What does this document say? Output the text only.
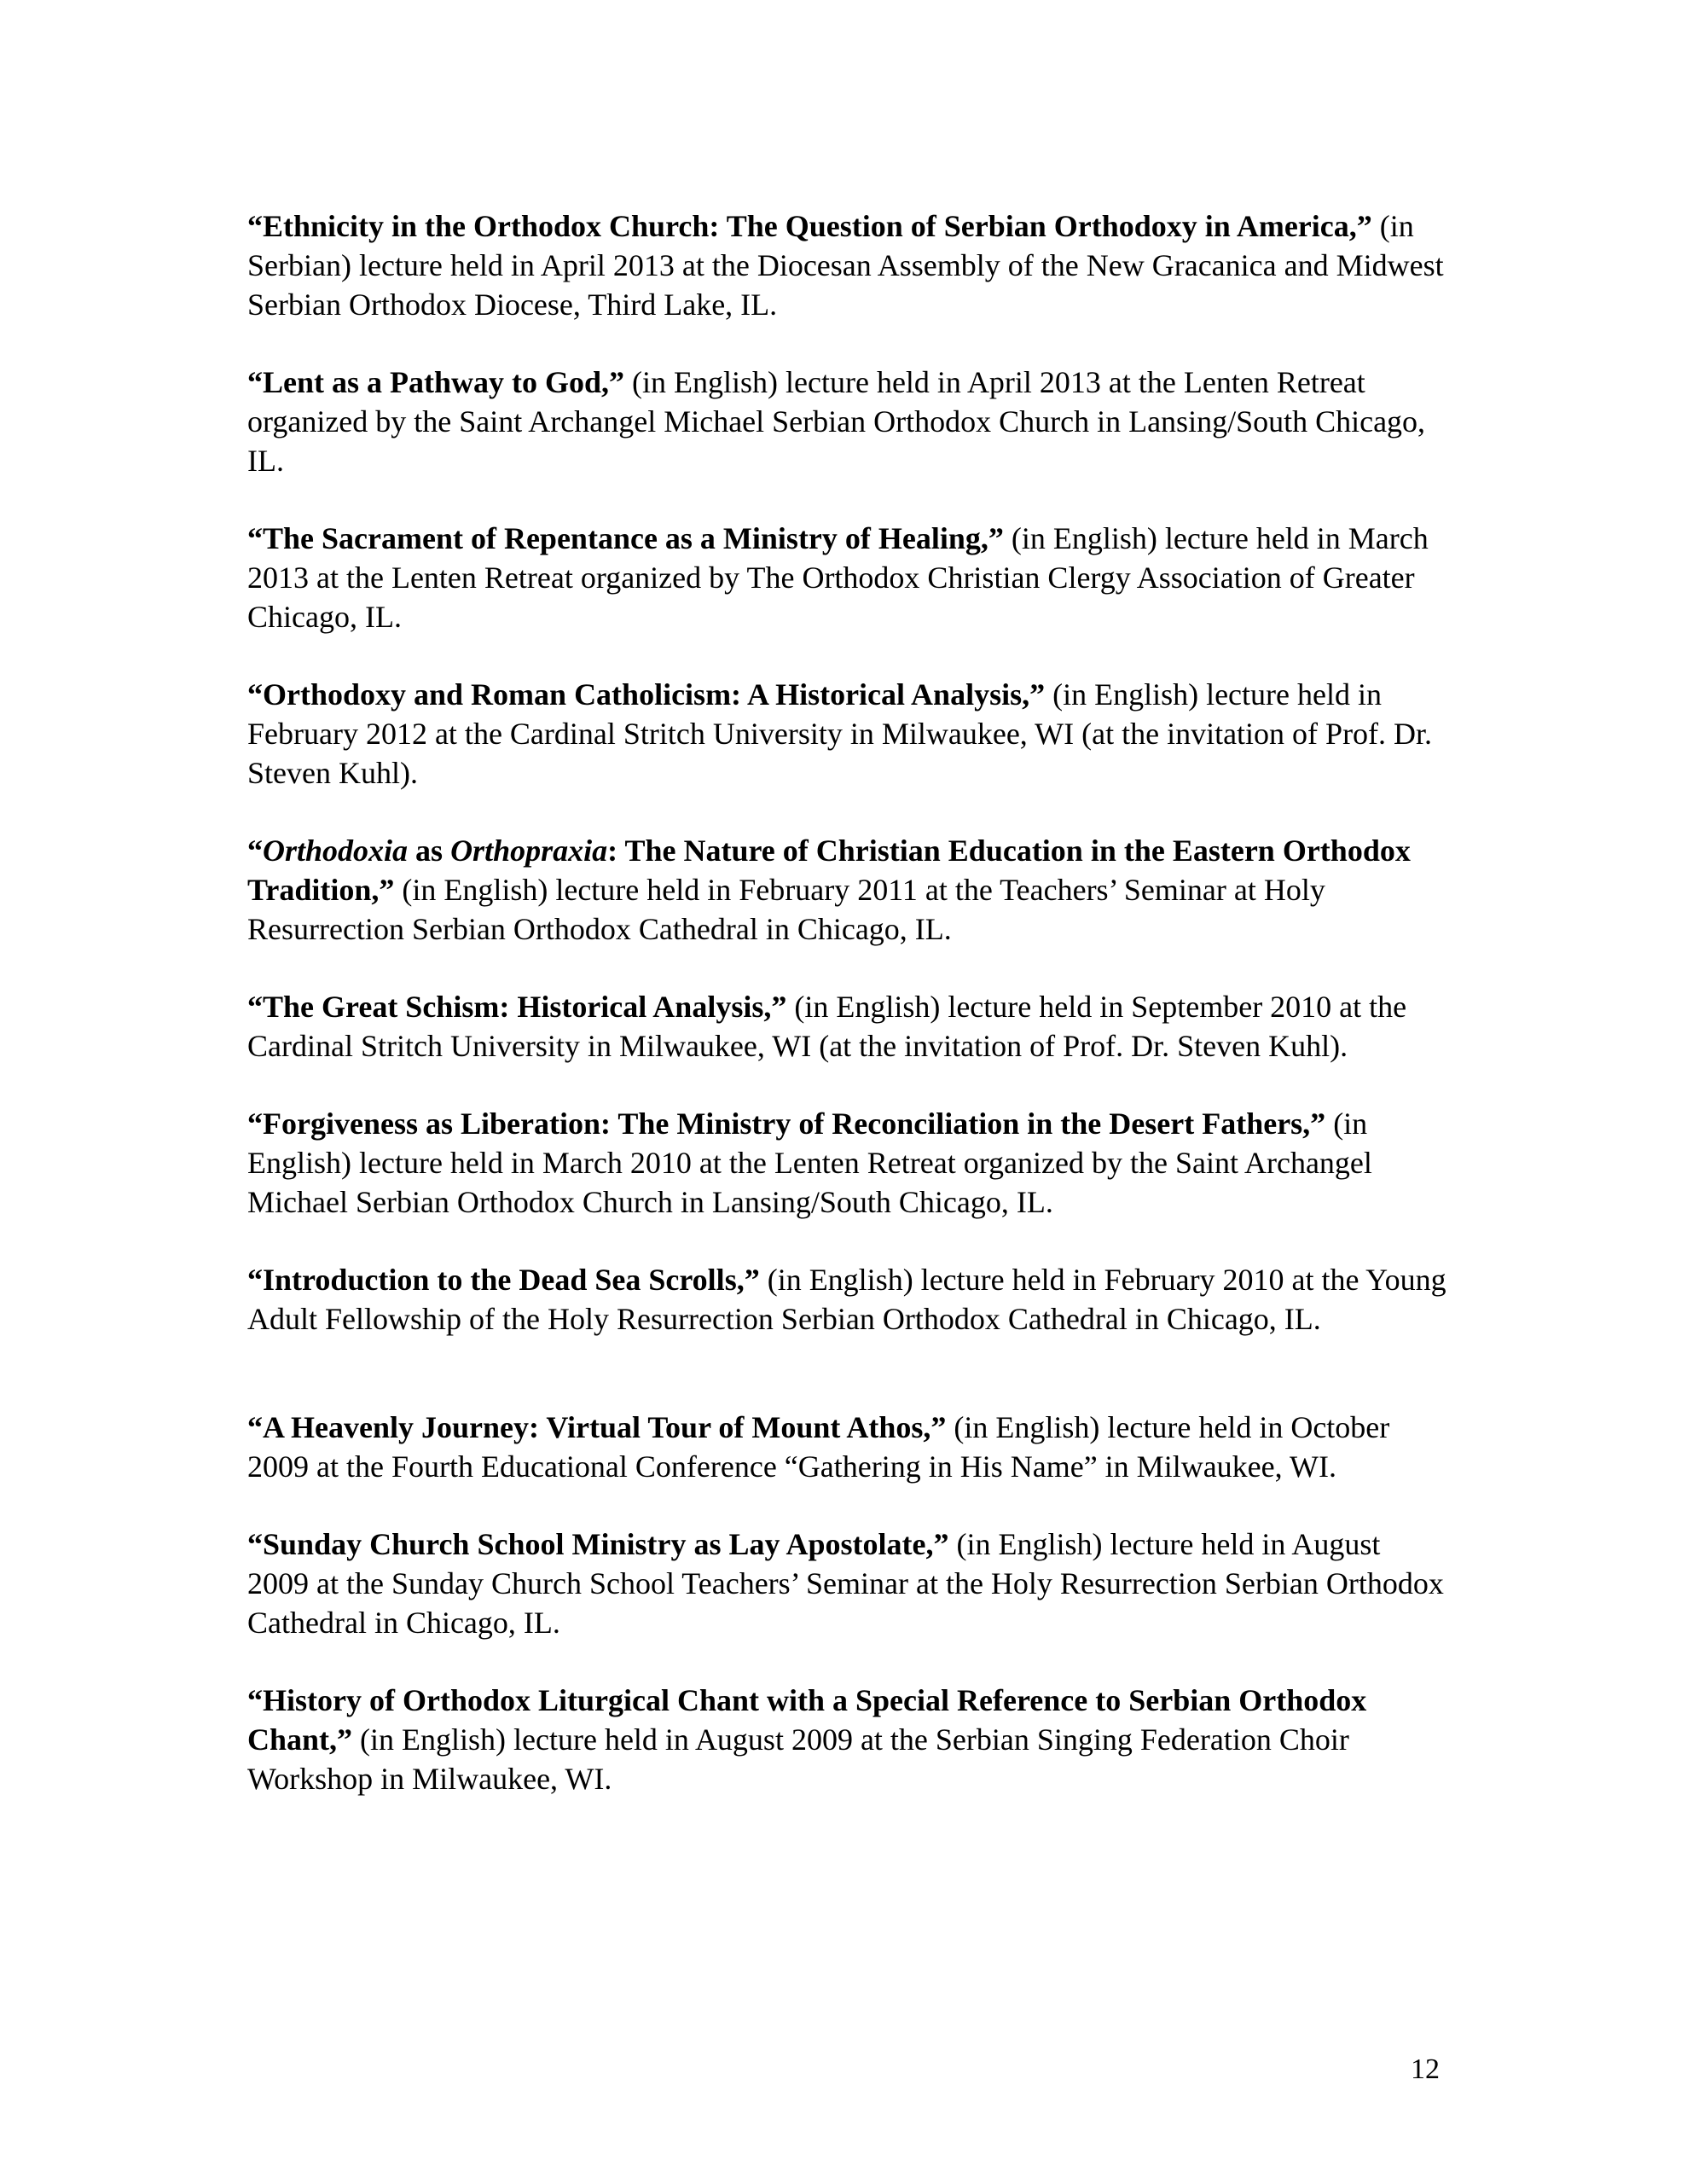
“Ethnicity in the Orthodox Church: The Question of Serbian Orthodoxy in America,” (in Serbian) lecture held in April 2013 at the Diocesan Assembly of the New Gracanica and Midwest Serbian Orthodox Diocese, Third Lake, IL.

“Lent as a Pathway to God,” (in English) lecture held in April 2013 at the Lenten Retreat organized by the Saint Archangel Michael Serbian Orthodox Church in Lansing/South Chicago, IL.

“The Sacrament of Repentance as a Ministry of Healing,” (in English) lecture held in March 2013 at the Lenten Retreat organized by The Orthodox Christian Clergy Association of Greater Chicago, IL.

“Orthodoxy and Roman Catholicism: A Historical Analysis,” (in English) lecture held in February 2012 at the Cardinal Stritch University in Milwaukee, WI (at the invitation of Prof. Dr. Steven Kuhl).

“Orthodoxia as Orthopraxia: The Nature of Christian Education in the Eastern Orthodox Tradition,” (in English) lecture held in February 2011 at the Teachers’ Seminar at Holy Resurrection Serbian Orthodox Cathedral in Chicago, IL.

“The Great Schism: Historical Analysis,” (in English) lecture held in September 2010 at the Cardinal Stritch University in Milwaukee, WI (at the invitation of Prof. Dr. Steven Kuhl).

“Forgiveness as Liberation: The Ministry of Reconciliation in the Desert Fathers,” (in English) lecture held in March 2010 at the Lenten Retreat organized by the Saint Archangel Michael Serbian Orthodox Church in Lansing/South Chicago, IL.

“Introduction to the Dead Sea Scrolls,” (in English) lecture held in February 2010 at the Young Adult Fellowship of the Holy Resurrection Serbian Orthodox Cathedral in Chicago, IL.

“A Heavenly Journey: Virtual Tour of Mount Athos,” (in English) lecture held in October 2009 at the Fourth Educational Conference “Gathering in His Name” in Milwaukee, WI.

“Sunday Church School Ministry as Lay Apostolate,” (in English) lecture held in August 2009 at the Sunday Church School Teachers’ Seminar at the Holy Resurrection Serbian Orthodox Cathedral in Chicago, IL.

“History of Orthodox Liturgical Chant with a Special Reference to Serbian Orthodox Chant,” (in English) lecture held in August 2009 at the Serbian Singing Federation Choir Workshop in Milwaukee, WI.

12
